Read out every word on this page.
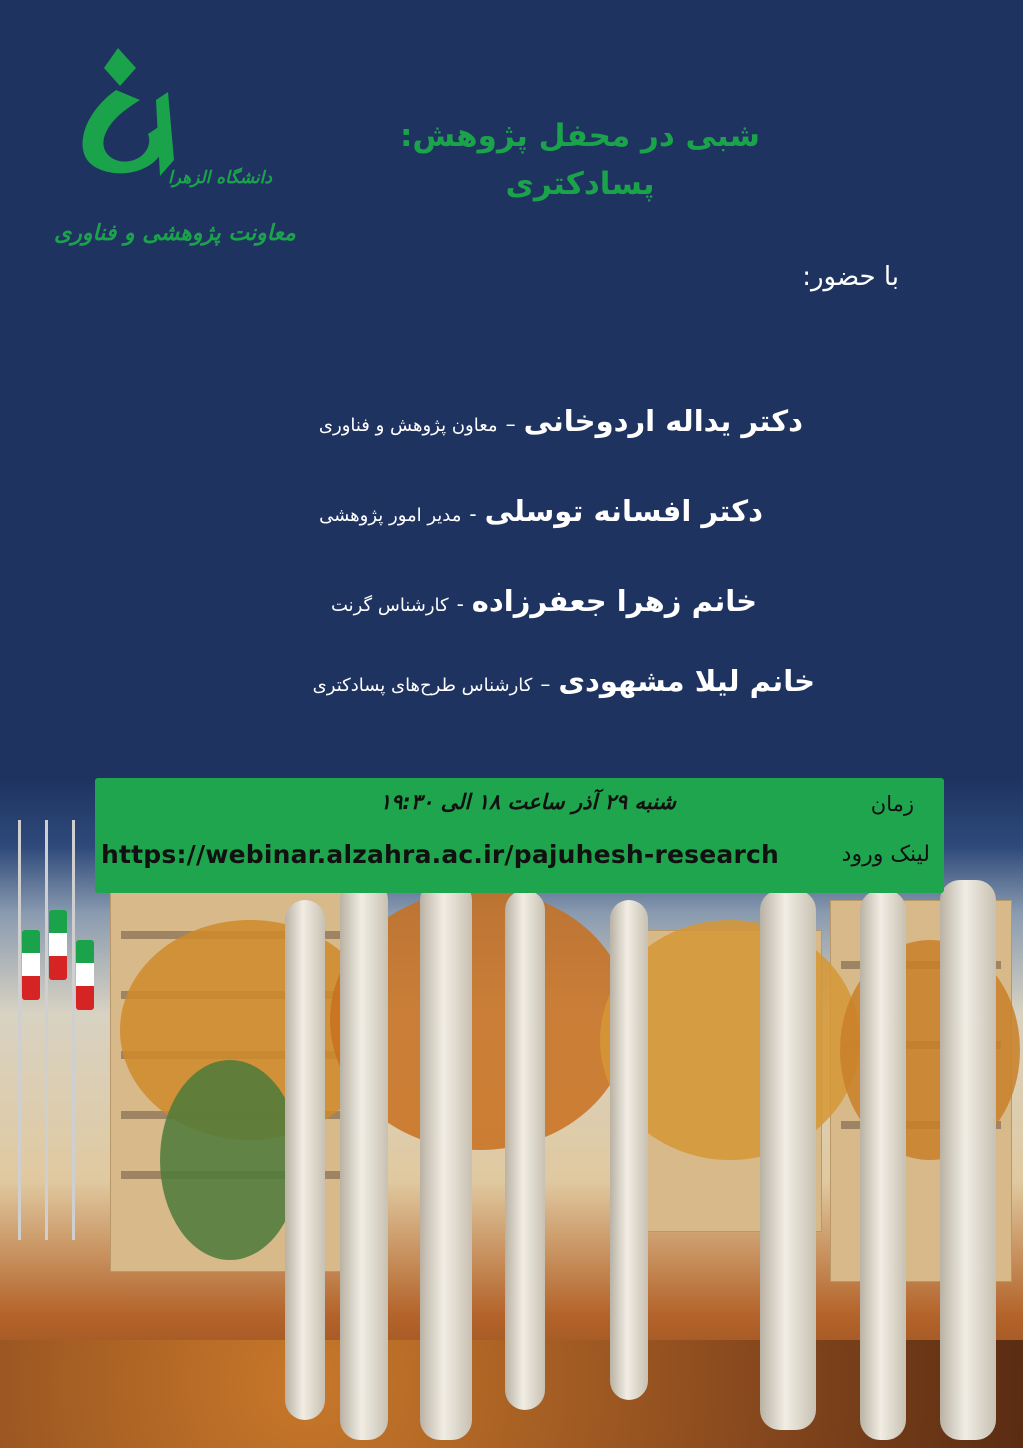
دانشگاه الزهرا
معاونت پژوهشی و فناوری
شبی در محفل پژوهش:
پسادکتری
با حضور:
دکتر یداله اردوخانی–معاون پژوهش و فناوری
دکتر افسانه توسلی-مدیر امور پژوهشی
خانم زهرا جعفرزاده-کارشناس گرنت
خانم لیلا مشهودی–کارشناس طرح‌های پسادکتری
شنبه ۲۹ آذر ساعت ۱۸ الی ۱۹:۳۰	زمان
لینک ورود
https://webinar.alzahra.ac.ir/pajuhesh-research
